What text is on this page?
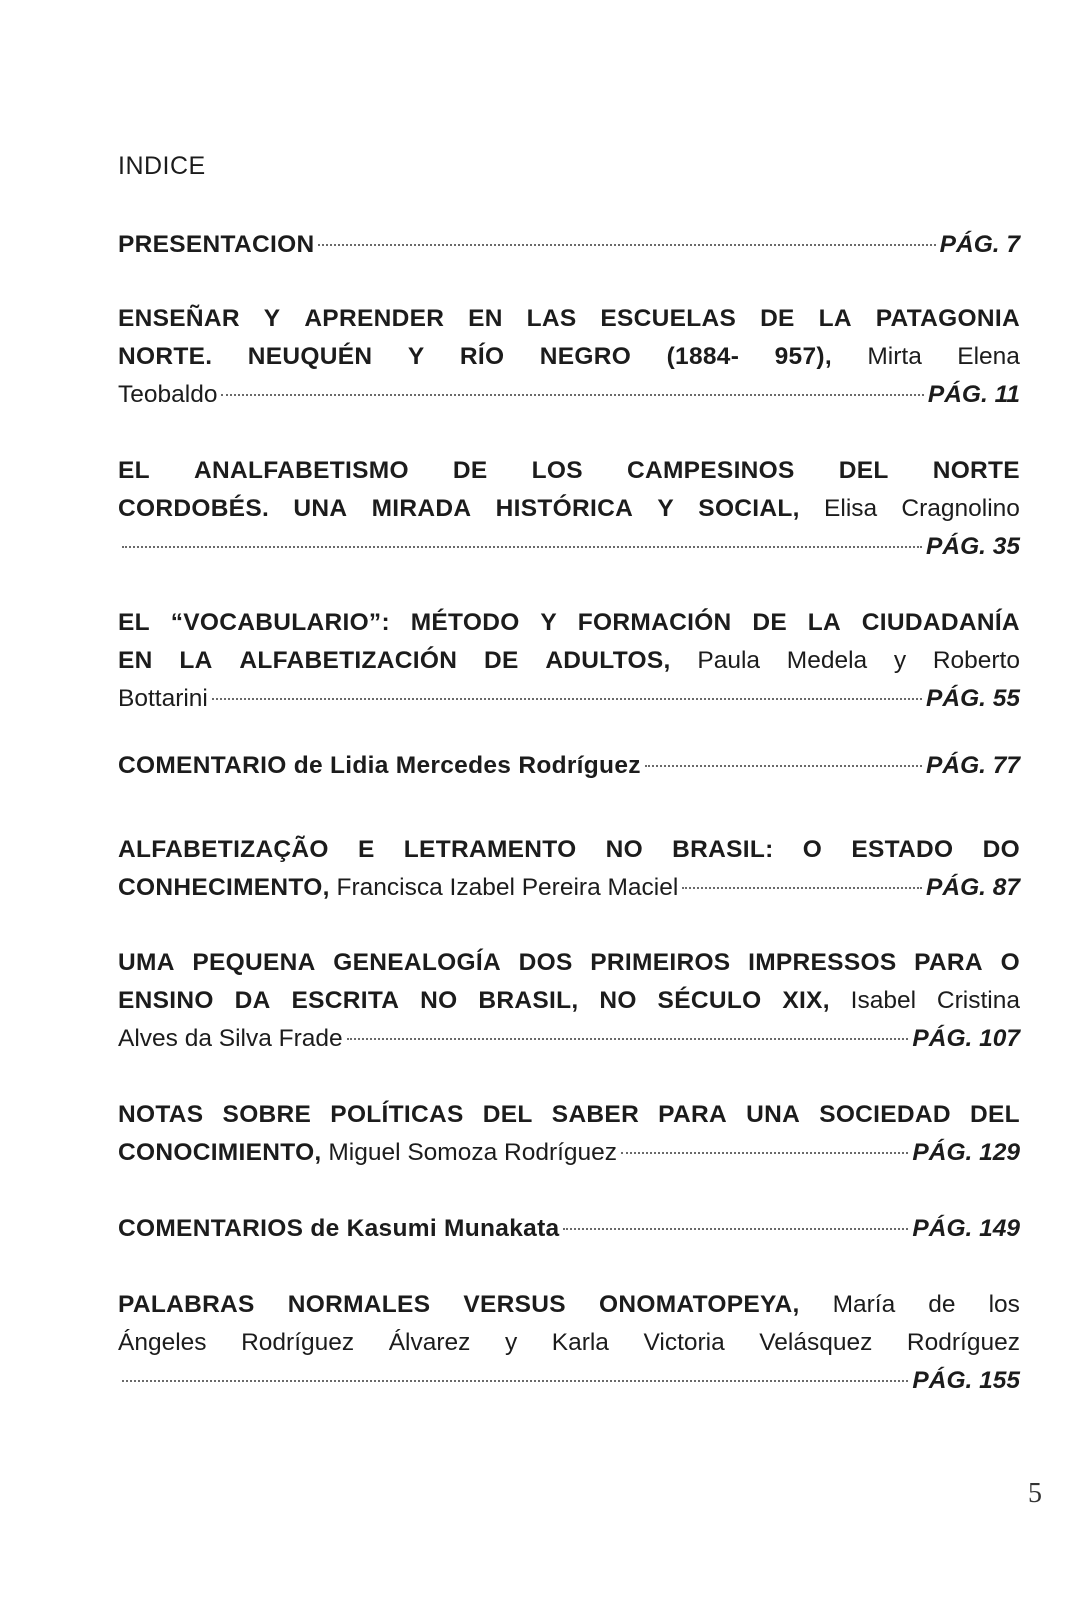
INDICE
PRESENTACION	PÁG. 7
ENSEÑAR Y APRENDER EN LAS ESCUELAS DE LA PATAGONIA
NORTE. NEUQUÉN Y RÍO NEGRO (1884- 957), Mirta Elena
Teobaldo	PÁG. 11
EL ANALFABETISMO DE LOS CAMPESINOS DEL NORTE
CORDOBÉS. UNA MIRADA HISTÓRICA Y SOCIAL, Elisa Cragnolino
PÁG. 35
EL “VOCABULARIO”: MÉTODO Y FORMACIÓN DE LA CIUDADANÍA
EN LA ALFABETIZACIÓN DE ADULTOS, Paula Medela y Roberto
Bottarini	PÁG. 55
COMENTARIO de Lidia Mercedes Rodríguez	PÁG. 77
ALFABETIZAÇÃO E LETRAMENTO NO BRASIL: O ESTADO DO
CONHECIMENTO, Francisca Izabel Pereira Maciel	PÁG. 87
UMA PEQUENA GENEALOGÍA DOS PRIMEIROS IMPRESSOS PARA O
ENSINO DA ESCRITA NO BRASIL, NO SÉCULO XIX, Isabel Cristina
Alves da Silva Frade	PÁG. 107
NOTAS SOBRE POLÍTICAS DEL SABER PARA UNA SOCIEDAD DEL
CONOCIMIENTO, Miguel Somoza Rodríguez	PÁG. 129
COMENTARIOS de Kasumi Munakata	PÁG. 149
PALABRAS NORMALES VERSUS ONOMATOPEYA, María de los
Ángeles Rodríguez Álvarez y Karla Victoria Velásquez Rodríguez
PÁG. 155
5
